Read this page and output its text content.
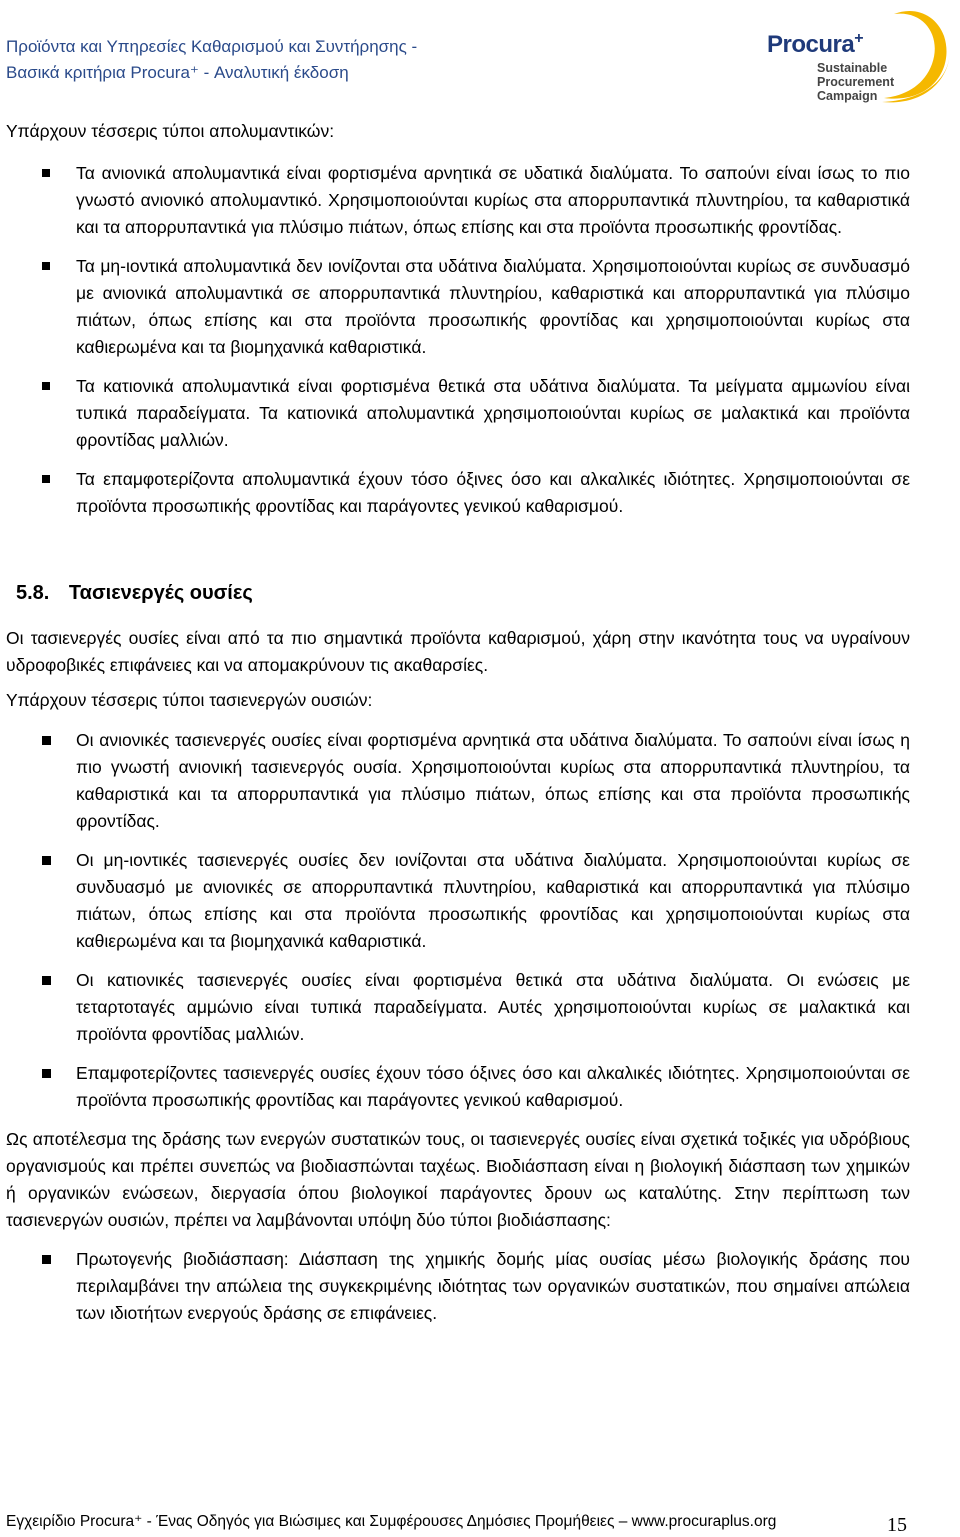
Προϊόντα και Υπηρεσίες Καθαρισμού και Συντήρησης -
Βασικά κριτήρια Procura⁺ - Αναλυτική έκδοση
Procura+
Sustainable
Procurement
Campaign

Υπάρχουν τέσσερις τύποι απολυμαντικών:

Τα ανιονικά απολυμαντικά είναι φορτισμένα αρνητικά σε υδατικά διαλύματα. Το σαπούνι είναι ίσως το πιο γνωστό ανιονικό απολυμαντικό. Χρησιμοποιούνται κυρίως στα απορρυπαντικά πλυντηρίου, τα καθαριστικά και τα απορρυπαντικά για πλύσιμο πιάτων, όπως επίσης και στα προϊόντα προσωπικής φροντίδας.
Τα μη-ιοντικά απολυμαντικά δεν ιονίζονται στα υδάτινα διαλύματα. Χρησιμοποιούνται κυρίως σε συνδυασμό με ανιονικά απολυμαντικά σε απορρυπαντικά πλυντηρίου, καθαριστικά και απορρυπαντικά για πλύσιμο πιάτων, όπως επίσης και στα προϊόντα προσωπικής φροντίδας και χρησιμοποιούνται κυρίως στα καθιερωμένα και τα βιομηχανικά καθαριστικά.
Τα κατιονικά απολυμαντικά είναι φορτισμένα θετικά στα υδάτινα διαλύματα. Τα μείγματα αμμωνίου είναι τυπικά παραδείγματα. Τα κατιονικά απολυμαντικά χρησιμοποιούνται κυρίως σε μαλακτικά και προϊόντα φροντίδας μαλλιών.
Τα επαμφοτερίζοντα απολυμαντικά έχουν τόσο όξινες όσο και αλκαλικές ιδιότητες. Χρησιμοποιούνται σε προϊόντα προσωπικής φροντίδας και παράγοντες γενικού καθαρισμού.
5.8. Τασιενεργές ουσίες

Οι τασιενεργές ουσίες είναι από τα πιο σημαντικά προϊόντα καθαρισμού, χάρη στην ικανότητα τους να υγραίνουν υδροφοβικές επιφάνειες και να απομακρύνουν τις ακαθαρσίες.

Υπάρχουν τέσσερις τύποι τασιενεργών ουσιών:

Οι ανιονικές τασιενεργές ουσίες είναι φορτισμένα αρνητικά στα υδάτινα διαλύματα. Το σαπούνι είναι ίσως η πιο γνωστή ανιονική τασιενεργός ουσία. Χρησιμοποιούνται κυρίως στα απορρυπαντικά πλυντηρίου, τα καθαριστικά και τα απορρυπαντικά για πλύσιμο πιάτων, όπως επίσης και στα προϊόντα προσωπικής φροντίδας.
Οι μη-ιοντικές τασιενεργές ουσίες δεν ιονίζονται στα υδάτινα διαλύματα. Χρησιμοποιούνται κυρίως σε συνδυασμό με ανιονικές σε απορρυπαντικά πλυντηρίου, καθαριστικά και απορρυπαντικά για πλύσιμο πιάτων, όπως επίσης και στα προϊόντα προσωπικής φροντίδας και χρησιμοποιούνται κυρίως στα καθιερωμένα και τα βιομηχανικά καθαριστικά.
Οι κατιονικές τασιενεργές ουσίες είναι φορτισμένα θετικά στα υδάτινα διαλύματα. Οι ενώσεις με τεταρτοταγές αμμώνιο είναι τυπικά παραδείγματα. Αυτές χρησιμοποιούνται κυρίως σε μαλακτικά και προϊόντα φροντίδας μαλλιών.
Επαμφοτερίζοντες τασιενεργές ουσίες έχουν τόσο όξινες όσο και αλκαλικές ιδιότητες. Χρησιμοποιούνται σε προϊόντα προσωπικής φροντίδας και παράγοντες γενικού καθαρισμού.

Ως αποτέλεσμα της δράσης των ενεργών συστατικών τους, οι τασιενεργές ουσίες είναι σχετικά τοξικές για υδρόβιους οργανισμούς και πρέπει συνεπώς να βιοδιασπώνται ταχέως. Βιοδιάσπαση είναι η βιολογική διάσπαση των χημικών ή οργανικών ενώσεων, διεργασία όπου βιολογικοί παράγοντες δρουν ως καταλύτης. Στην περίπτωση των τασιενεργών ουσιών, πρέπει να λαμβάνονται υπόψη δύο τύποι βιοδιάσπασης:

Πρωτογενής βιοδιάσπαση: Διάσπαση της χημικής δομής μίας ουσίας μέσω βιολογικής δράσης που περιλαμβάνει την απώλεια της συγκεκριμένης ιδιότητας των οργανικών συστατικών, που σημαίνει απώλεια των ιδιοτήτων ενεργούς δράσης σε επιφάνειες.
Εγχειρίδιο Procura⁺ - Ένας Οδηγός για Βιώσιμες και Συμφέρουσες Δημόσιες Προμήθειες – www.procuraplus.org	15
